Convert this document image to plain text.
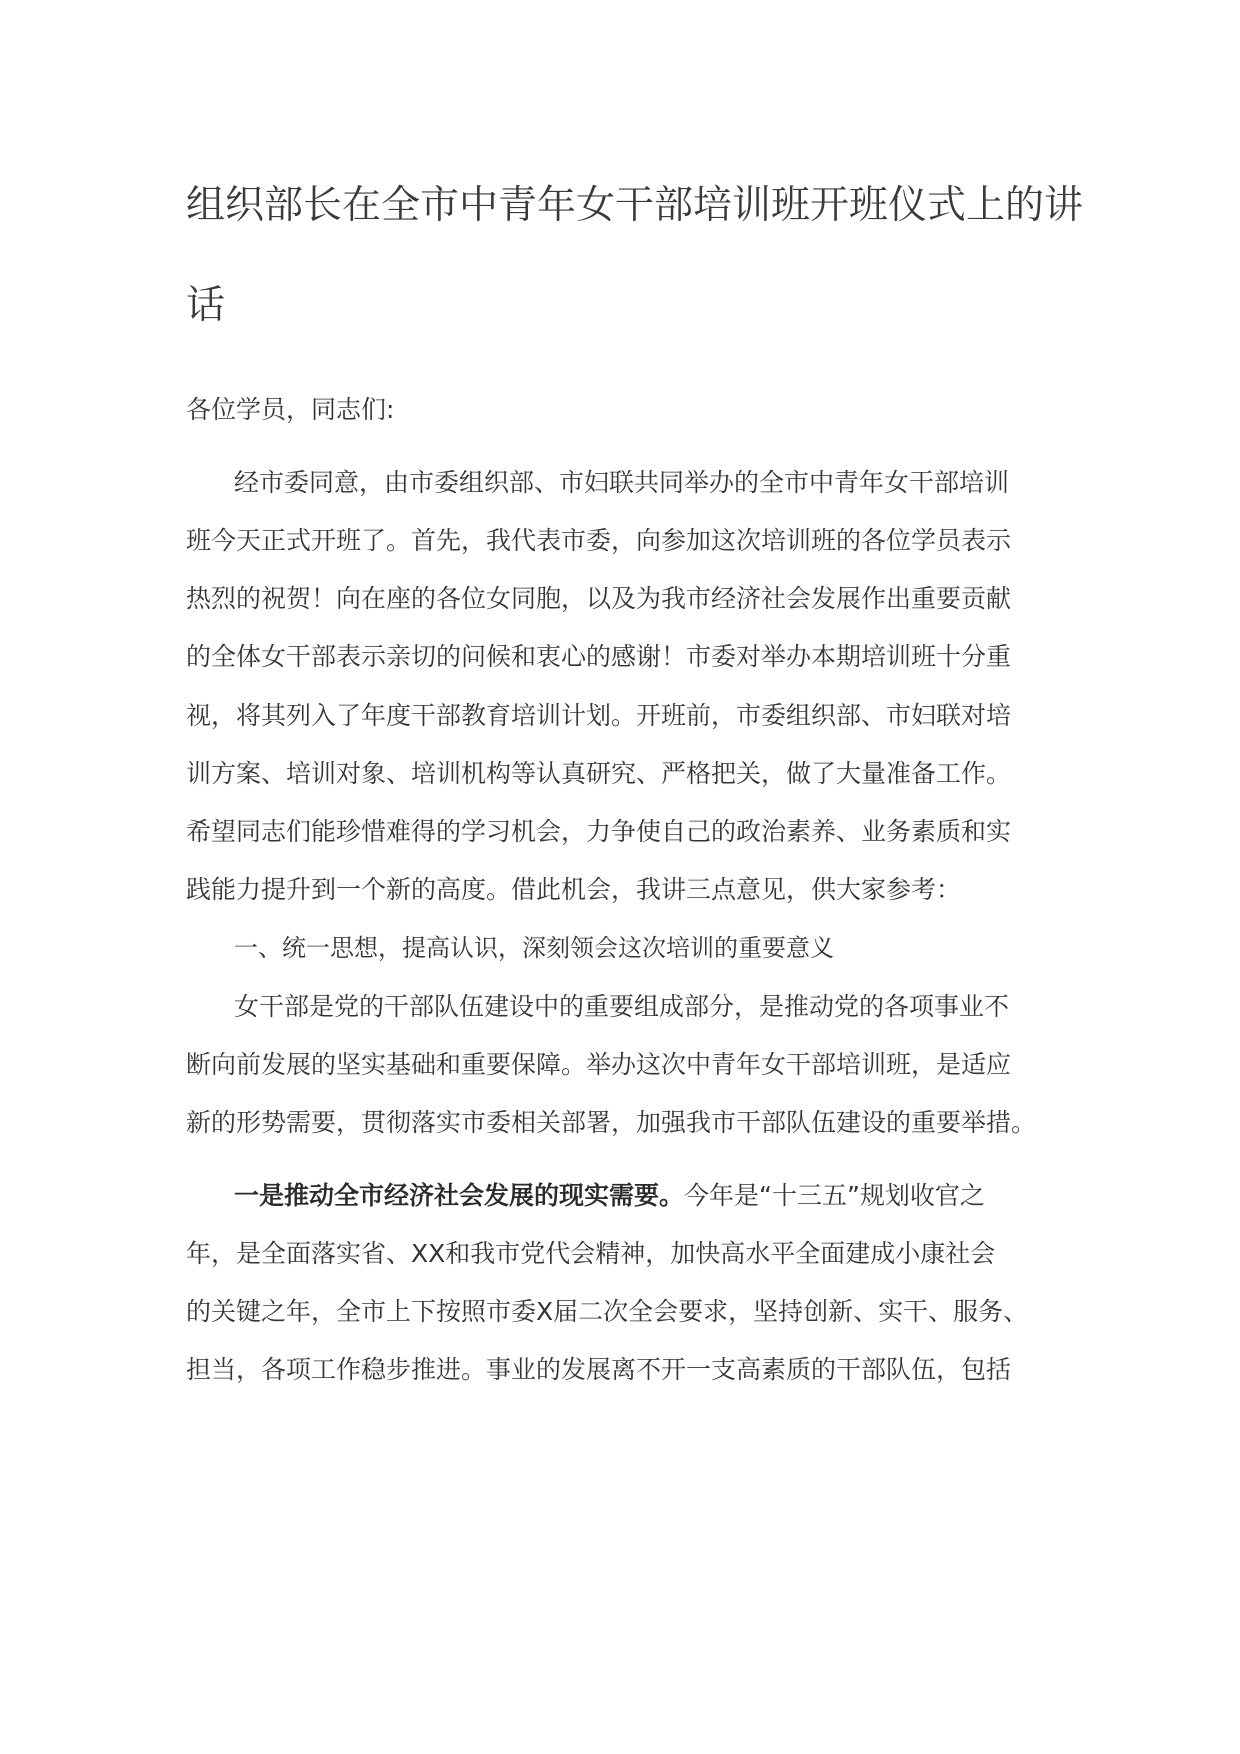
组织部长在全市中青年女干部培训班开班仪式上的讲
话
各位学员，同志们:
经市委同意，由市委组织部、市妇联共同举办的全市中青年女干部培训
班今天正式开班了。首先，我代表市委，向参加这次培训班的各位学员表示
热烈的祝贺！向在座的各位女同胞，以及为我市经济社会发展作出重要贡献
的全体女干部表示亲切的问候和衷心的感谢！市委对举办本期培训班十分重
视，将其列入了年度干部教育培训计划。开班前，市委组织部、市妇联对培
训方案、培训对象、培训机构等认真研究、严格把关，做了大量准备工作。
希望同志们能珍惜难得的学习机会，力争使自己的政治素养、业务素质和实
践能力提升到一个新的高度。借此机会，我讲三点意见，供大家参考：
一、统一思想，提高认识，深刻领会这次培训的重要意义
女干部是党的干部队伍建设中的重要组成部分，是推动党的各项事业不
断向前发展的坚实基础和重要保障。举办这次中青年女干部培训班，是适应
新的形势需要，贯彻落实市委相关部署，加强我市干部队伍建设的重要举措。
一是推动全市经济社会发展的现实需要。今年是“十三五”规划收官之
年，是全面落实省、XX和我市党代会精神，加快高水平全面建成小康社会
的关键之年，全市上下按照市委X届二次全会要求，坚持创新、实干、服务、
担当，各项工作稳步推进。事业的发展离不开一支高素质的干部队伍，包括
